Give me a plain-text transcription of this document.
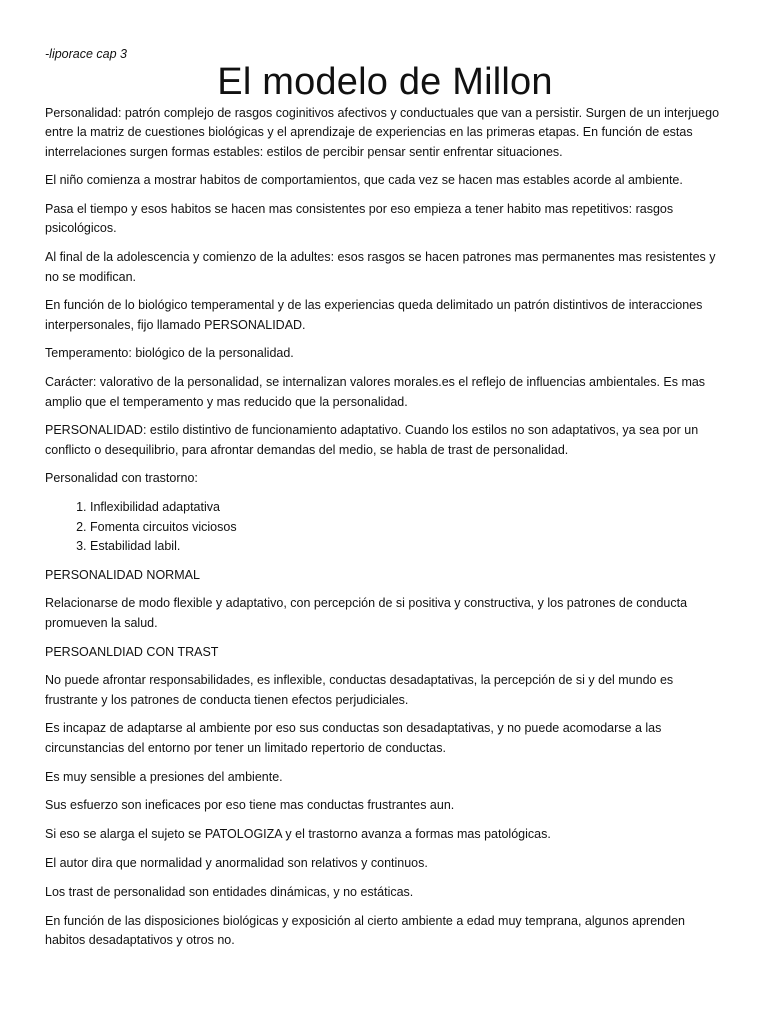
-liporace cap 3
El modelo de Millon

Personalidad: patrón complejo de rasgos coginitivos afectivos y conductuales que van a persistir. Surgen de un interjuego entre la matriz de cuestiones biológicas y el aprendizaje de experiencias en las primeras etapas. En función de estas interrelaciones surgen formas estables: estilos de percibir pensar sentir enfrentar situaciones.

El niño comienza a mostrar habitos de comportamientos, que cada vez se hacen mas estables acorde al ambiente.

Pasa el tiempo y esos habitos se hacen mas consistentes por eso empieza a tener habito mas repetitivos: rasgos psicológicos.

Al final de la adolescencia y comienzo de la adultes: esos rasgos se hacen patrones mas permanentes mas resistentes y no se modifican.

En función de lo biológico temperamental y de las experiencias queda delimitado un patrón distintivos de interacciones interpersonales, fijo llamado PERSONALIDAD.

Temperamento: biológico de la personalidad.

Carácter: valorativo de la personalidad, se internalizan valores morales.es el reflejo de influencias ambientales. Es mas amplio que el temperamento y mas reducido que la personalidad.

PERSONALIDAD: estilo distintivo de funcionamiento adaptativo. Cuando los estilos no son adaptativos, ya sea por un conflicto o desequilibrio, para afrontar demandas del medio, se habla de trast de personalidad.

Personalidad con trastorno:

1. Inflexibilidad adaptativa
2. Fomenta circuitos viciosos
3. Estabilidad labil.

PERSONALIDAD NORMAL

Relacionarse de modo flexible y adaptativo, con percepción de si positiva y constructiva, y los patrones de conducta promueven la salud.

PERSOANLDIAD CON TRAST

No puede afrontar responsabilidades, es inflexible, conductas desadaptativas, la percepción de si y del mundo es frustrante y los patrones de conducta tienen efectos perjudiciales.

Es incapaz de adaptarse al ambiente por eso sus conductas son desadaptativas, y no puede acomodarse a las circunstancias del entorno por tener un limitado repertorio de conductas.

Es muy sensible a presiones del ambiente.

Sus esfuerzo son ineficaces por eso tiene mas conductas frustrantes aun.

Si eso se alarga el sujeto se PATOLOGIZA y el trastorno avanza a formas mas patológicas.

El autor dira que normalidad y anormalidad son relativos y continuos.

Los trast de personalidad son entidades dinámicas, y no estáticas.

En función de las disposiciones biológicas y exposición al cierto ambiente a edad muy temprana, algunos aprenden habitos desadaptativos y otros no.
